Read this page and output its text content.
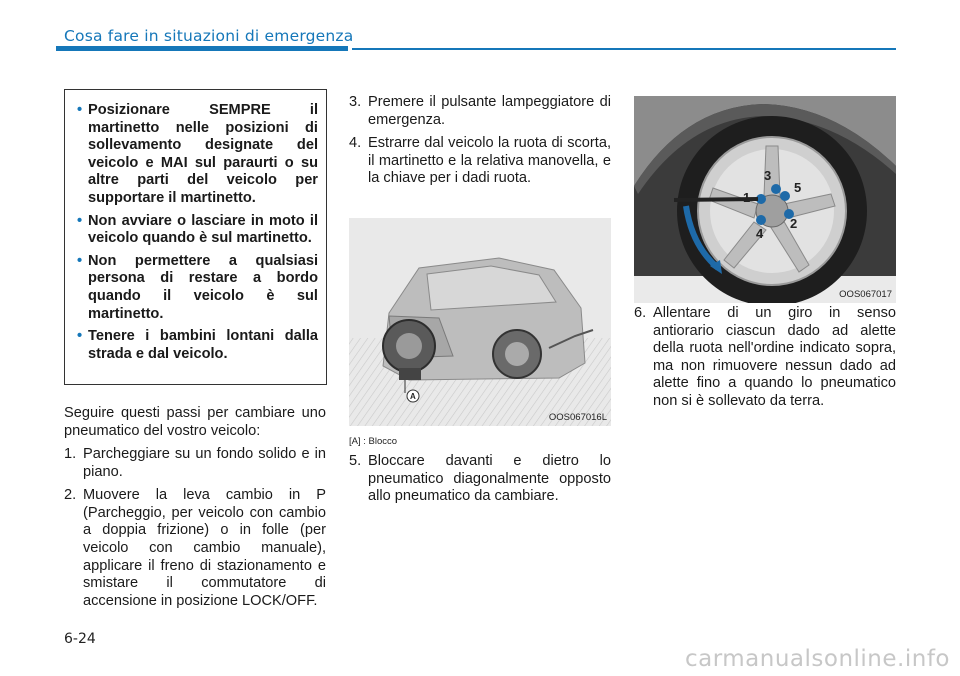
Cosa fare in situazioni di emergenza
• Posizionare SEMPRE il martinetto nelle posizioni di sollevamento designate del veicolo e MAI sul paraurti o su altre parti del veicolo per supportare il martinetto.
• Non avviare o lasciare in moto il veicolo quando è sul martinetto.
• Non permettere a qualsiasi persona di restare a bordo quando il veicolo è sul martinetto.
• Tenere i bambini lontani dalla strada e dal veicolo.
Seguire questi passi per cambiare uno pneumatico del vostro veicolo:
1. Parcheggiare su un fondo solido e in piano.
2. Muovere la leva cambio in P (Parcheggio, per veicolo con cambio a doppia frizione) o in folle (per veicolo con cambio manuale), applicare il freno di stazionamento e smistare il commutatore di accensione in posizione LOCK/OFF.
3. Premere il pulsante lampeggiatore di emergenza.
4. Estrarre dal veicolo la ruota di scorta, il martinetto e la relativa manovella, e la chiave per i dadi ruota.
A
OOS067016L
[A] : Blocco
5. Bloccare davanti e dietro lo pneumatico diagonalmente opposto allo pneumatico da cambiare.
1
2
3
4
5
OOS067017
6. Allentare di un giro in senso antiorario ciascun dado ad alette della ruota nell'ordine indicato sopra, ma non rimuovere nessun dado ad alette fino a quando lo pneumatico non si è sollevato da terra.
6-24
carmanualsonline.info
